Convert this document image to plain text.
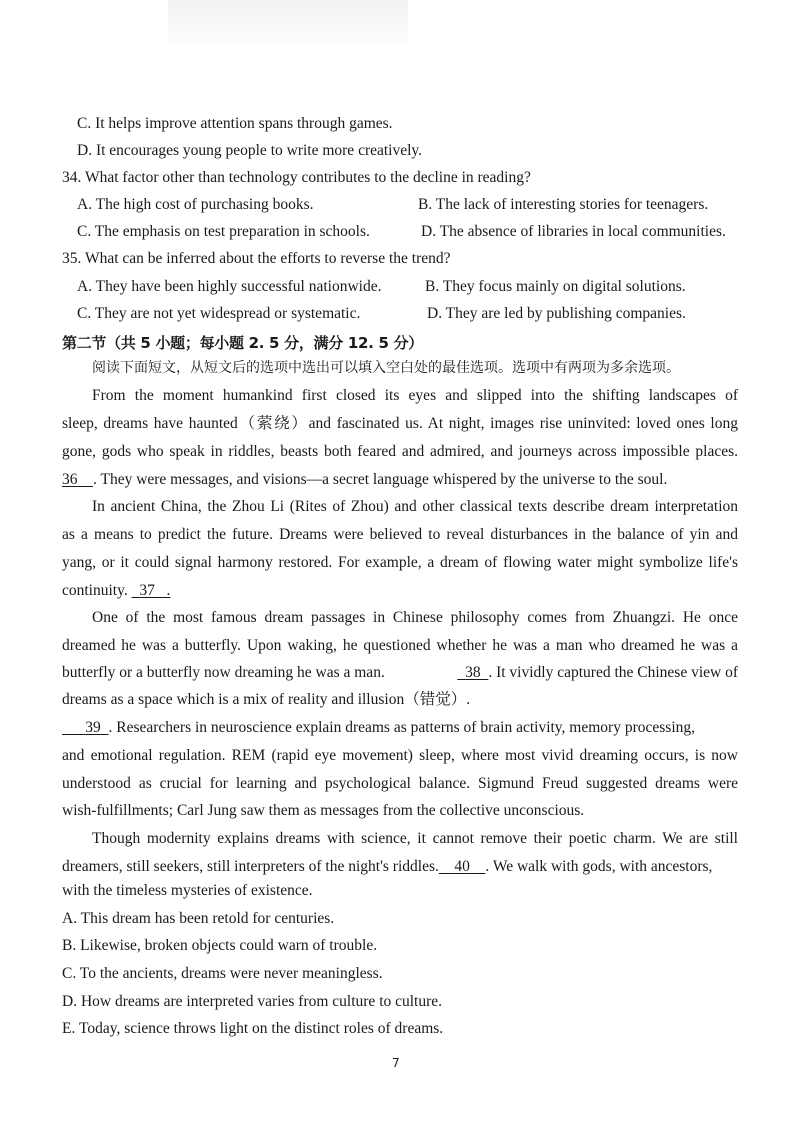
C. It helps improve attention spans through games.
D. It encourages young people to write more creatively.
34. What factor other than technology contributes to the decline in reading?
A. The high cost of purchasing books.	B. The lack of interesting stories for teenagers.
C. The emphasis on test preparation in schools.	D. The absence of libraries in local communities.
35. What can be inferred about the efforts to reverse the trend?
A. They have been highly successful nationwide.	B. They focus mainly on digital solutions.
C. They are not yet widespread or systematic.	D. They are led by publishing companies.
第二节（共 5 小题；每小题 2. 5 分，满分 12. 5 分）
阅读下面短文，从短文后的选项中选出可以填入空白处的最佳选项。选项中有两项为多余选项。
From the moment humankind first closed its eyes and slipped into the shifting landscapes of
sleep, dreams have haunted（萦绕）and fascinated us. At night, images rise uninvited: loved ones long
gone, gods who speak in riddles, beasts both feared and admired, and journeys across impossible places.
36 . They were messages, and visions—a secret language whispered by the universe to the soul.
In ancient China, the Zhou Li (Rites of Zhou) and other classical texts describe dream interpretation
as a means to predict the future. Dreams were believed to reveal disturbances in the balance of yin and
yang, or it could signal harmony restored. For example, a dream of flowing water might symbolize life's
continuity. 37   .
One of the most famous dream passages in Chinese philosophy comes from Zhuangzi. He once
dreamed he was a butterfly. Upon waking, he questioned whether he was a man who dreamed he was a
butterfly or a butterfly now dreaming he was a man.	38 . It vividly captured the Chinese view of
dreams as a space which is a mix of reality and illusion（错觉）.
39 . Researchers in neuroscience explain dreams as patterns of brain activity, memory processing,
and emotional regulation. REM (rapid eye movement) sleep, where most vivid dreaming occurs, is now
understood as crucial for learning and psychological balance. Sigmund Freud suggested dreams were
wish-fulfillments; Carl Jung saw them as messages from the collective unconscious.
Though modernity explains dreams with science, it cannot remove their poetic charm. We are still
dreamers, still seekers, still interpreters of the night's riddles. 40 . We walk with gods, with ancestors,
with the timeless mysteries of existence.
A. This dream has been retold for centuries.
B. Likewise, broken objects could warn of trouble.
C. To the ancients, dreams were never meaningless.
D. How dreams are interpreted varies from culture to culture.
E. Today, science throws light on the distinct roles of dreams.
7
